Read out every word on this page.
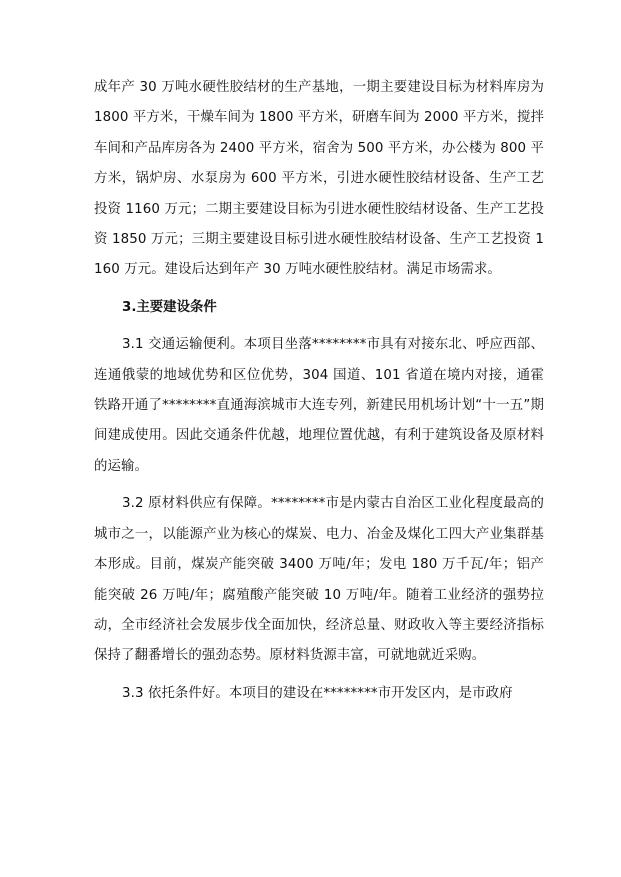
成年产 30 万吨水硬性胶结材的生产基地，一期主要建设目标为材料库房为 1800 平方米，干燥车间为 1800 平方米，研磨车间为 2000 平方米，搅拌车间和产品库房各为 2400 平方米，宿舍为 500 平方米，办公楼为 800 平方米，锅炉房、水泵房为 600 平方米，引进水硬性胶结材设备、生产工艺投资 1160 万元；二期主要建设目标为引进水硬性胶结材设备、生产工艺投资 1850 万元；三期主要建设目标引进水硬性胶结材设备、生产工艺投资 1160 万元。建设后达到年产 30 万吨水硬性胶结材。满足市场需求。

3.主要建设条件

3.1 交通运输便利。本项目坐落********市具有对接东北、呼应西部、连通俄蒙的地域优势和区位优势，304 国道、101 省道在境内对接，通霍铁路开通了********直通海滨城市大连专列，新建民用机场计划“十一五”期间建成使用。因此交通条件优越，地理位置优越，有利于建筑设备及原材料的运输。

3.2 原材料供应有保障。********市是内蒙古自治区工业化程度最高的城市之一，以能源产业为核心的煤炭、电力、冶金及煤化工四大产业集群基本形成。目前，煤炭产能突破 3400 万吨/年；发电 180 万千瓦/年；铝产能突破 26 万吨/年；腐殖酸产能突破 10 万吨/年。随着工业经济的强势拉动，全市经济社会发展步伐全面加快，经济总量、财政收入等主要经济指标保持了翻番增长的强劲态势。原材料货源丰富，可就地就近采购。

3.3 依托条件好。本项目的建设在********市开发区内，是市政府
